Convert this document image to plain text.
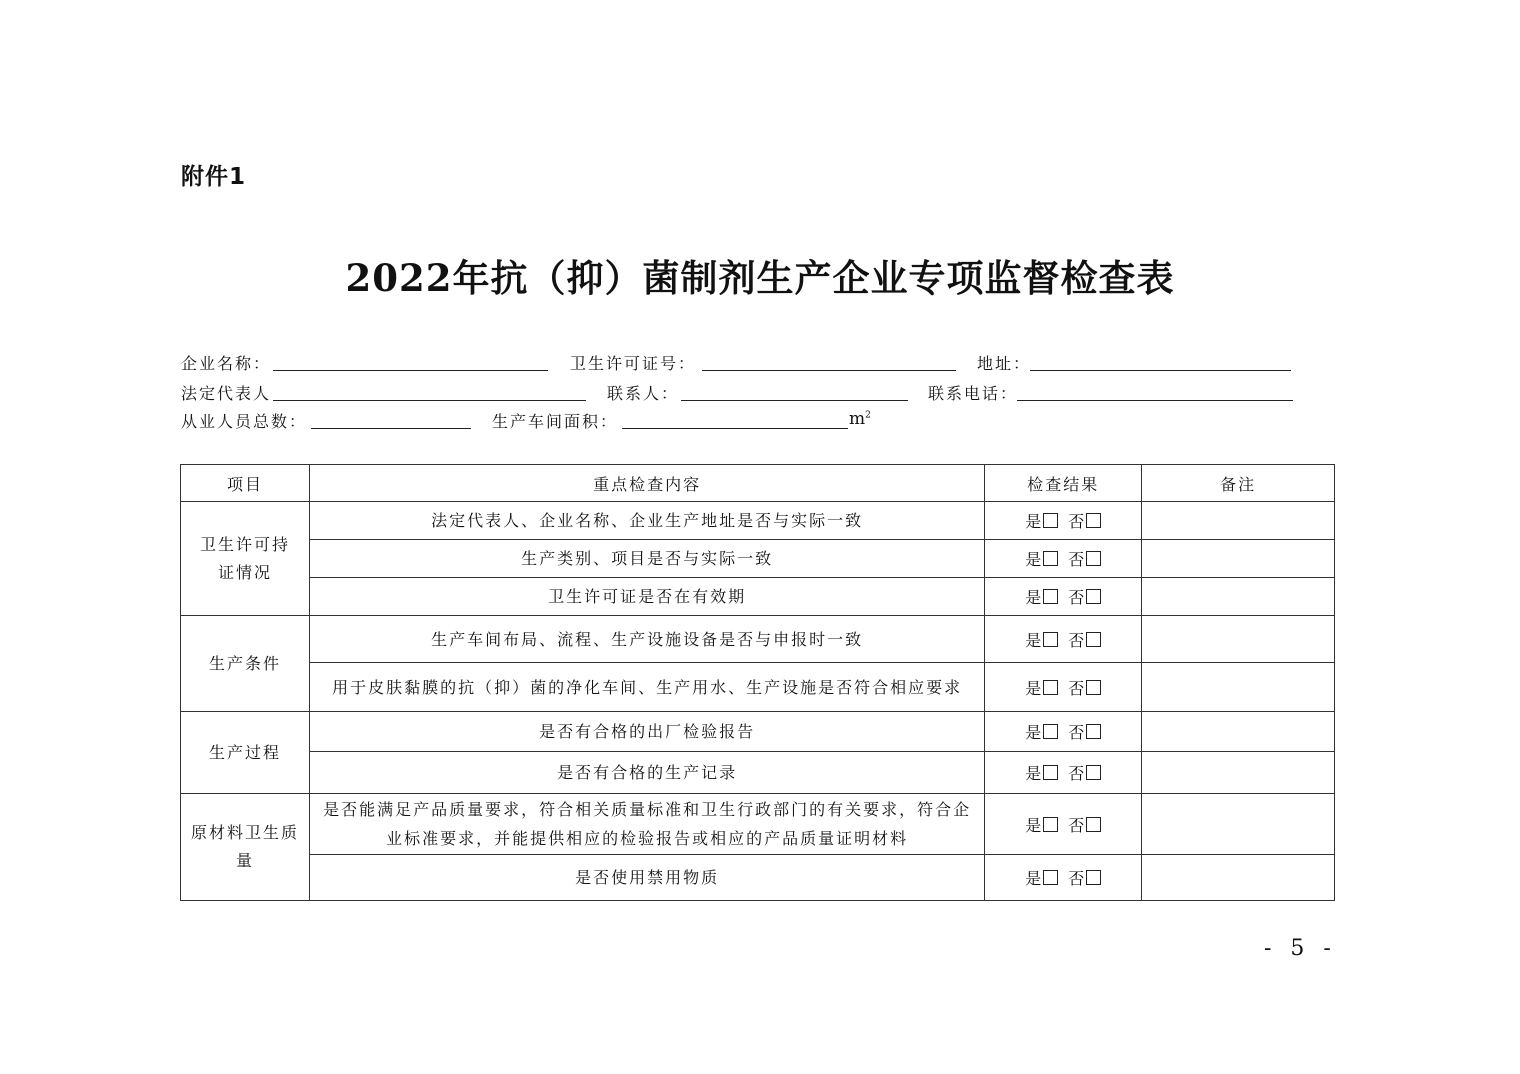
附件1
2022年抗（抑）菌制剂生产企业专项监督检查表
企业名称：	卫生许可证号：	地址：
法定代表人	联系人：	联系电话：
从业人员总数：	生产车间面积：	$m^2$
项目	重点检查内容	检查结果	备注

卫生许可持证情况	法定代表人、企业名称、企业生产地址是否与实际一致	是 否	
	生产类别、项目是否与实际一致	是 否	
	卫生许可证是否在有效期	是 否	

生产条件	生产车间布局、流程、生产设施设备是否与申报时一致	是 否	
	用于皮肤黏膜的抗（抑）菌的净化车间、生产用水、生产设施是否符合相应要求	是 否	

生产过程	是否有合格的出厂检验报告	是 否	
	是否有合格的生产记录	是 否	

原材料卫生质量	是否能满足产品质量要求，符合相关质量标准和卫生行政部门的有关要求，符合企业标准要求，并能提供相应的检验报告或相应的产品质量证明材料	是 否	
	是否使用禁用物质	是 否	
- 5 -
